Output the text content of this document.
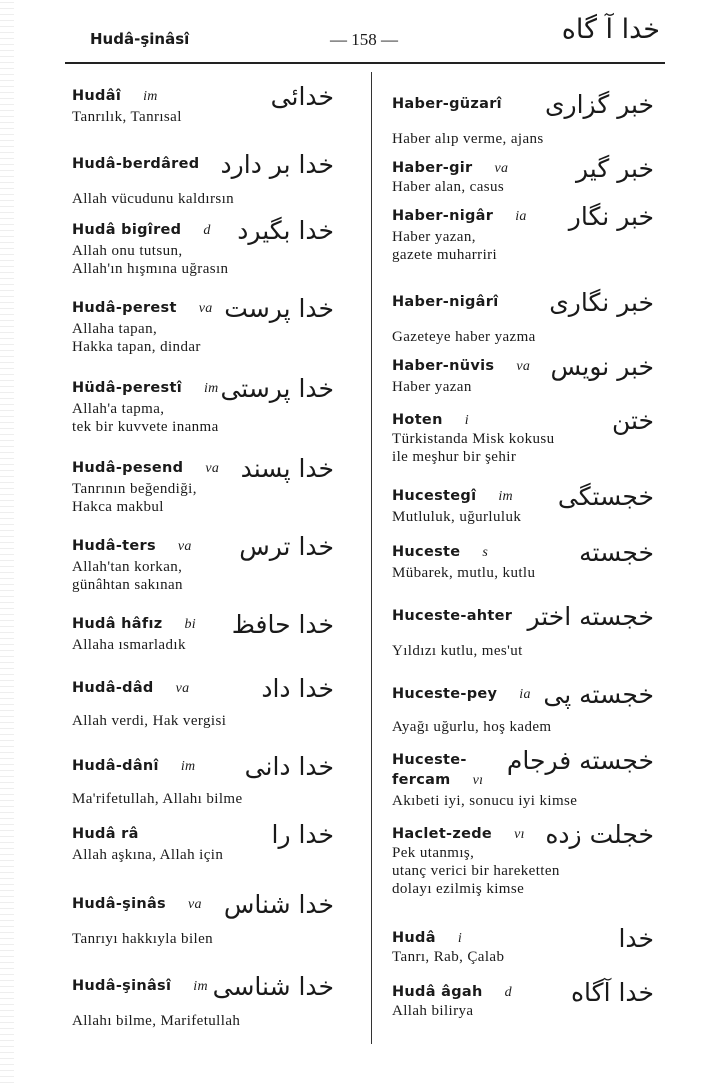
Hudâ-şinâsî	— 158 —	خدا آ گاه
Hudâî im	خدائی
Tanrılık, Tanrısal
Hudâ-berdâred خدا بر دارد
Allah vücudunu kaldırsın
Hudâ bigîred d خدا بگیرد
Allah onu tutsun,
Allah'ın hışmına uğrasın
Hudâ-perest va خدا پرست
Allaha tapan,
Hakka tapan, dindar
Hüdâ-perestî im خدا پرستی
Allah'a tapma,
tek bir kuvvete inanma
Hudâ-pesend va خدا پسند
Tanrının beğendiği,
Hakca makbul
Hudâ-ters va خدا ترس
Allah'tan korkan,
günâhtan sakınan
Hudâ hâfız bi خدا حافظ
Allaha ısmarladık
Hudâ-dâd va	خدا داد
Allah verdi, Hak vergisi
Hudâ-dânî im خدا دانی
Ma'rifetullah, Allahı bilme
Hudâ râ	خدا را
Allah aşkına, Allah için
Hudâ-şinâs va خدا شناس
Tanrıyı hakkıyla bilen
Hudâ-şinâsî im خدا شناسی
Allahı bilme, Marifetullah
Haber-güzarî	خبر گزاری
Haber alıp verme, ajans
Haber-gir va	خبر گیر
Haber alan, casus
Haber-nigâr ia خبر نگار
Haber yazan,
gazete muharriri
Haber-nigârî	خبر نگاری
Gazeteye haber yazma
Haber-nüvis va خبر نویس
Haber yazan
Hoten i	ختن
Türkistanda Misk kokusu
ile meşhur bir şehir
Hucestegî im خجستگی
Mutluluk, uğurluluk
Huceste s	خجسته
Mübarek, mutlu, kutlu
Huceste-ahter خجسته اختر
Yıldızı kutlu, mes'ut
Huceste-pey ia خجسته پی
Ayağı uğurlu, hoş kadem
Huceste-
fercam vı
خجسته فرجام
Akıbeti iyi, sonucu iyi kimse
Haclet-zede vı خجلت زده
Pek utanmış,
utanç verici bir hareketten
dolayı ezilmiş kimse
Hudâ i	خدا
Tanrı, Rab, Çalab
Hudâ âgah d خدا آگاه
Allah bilirya
